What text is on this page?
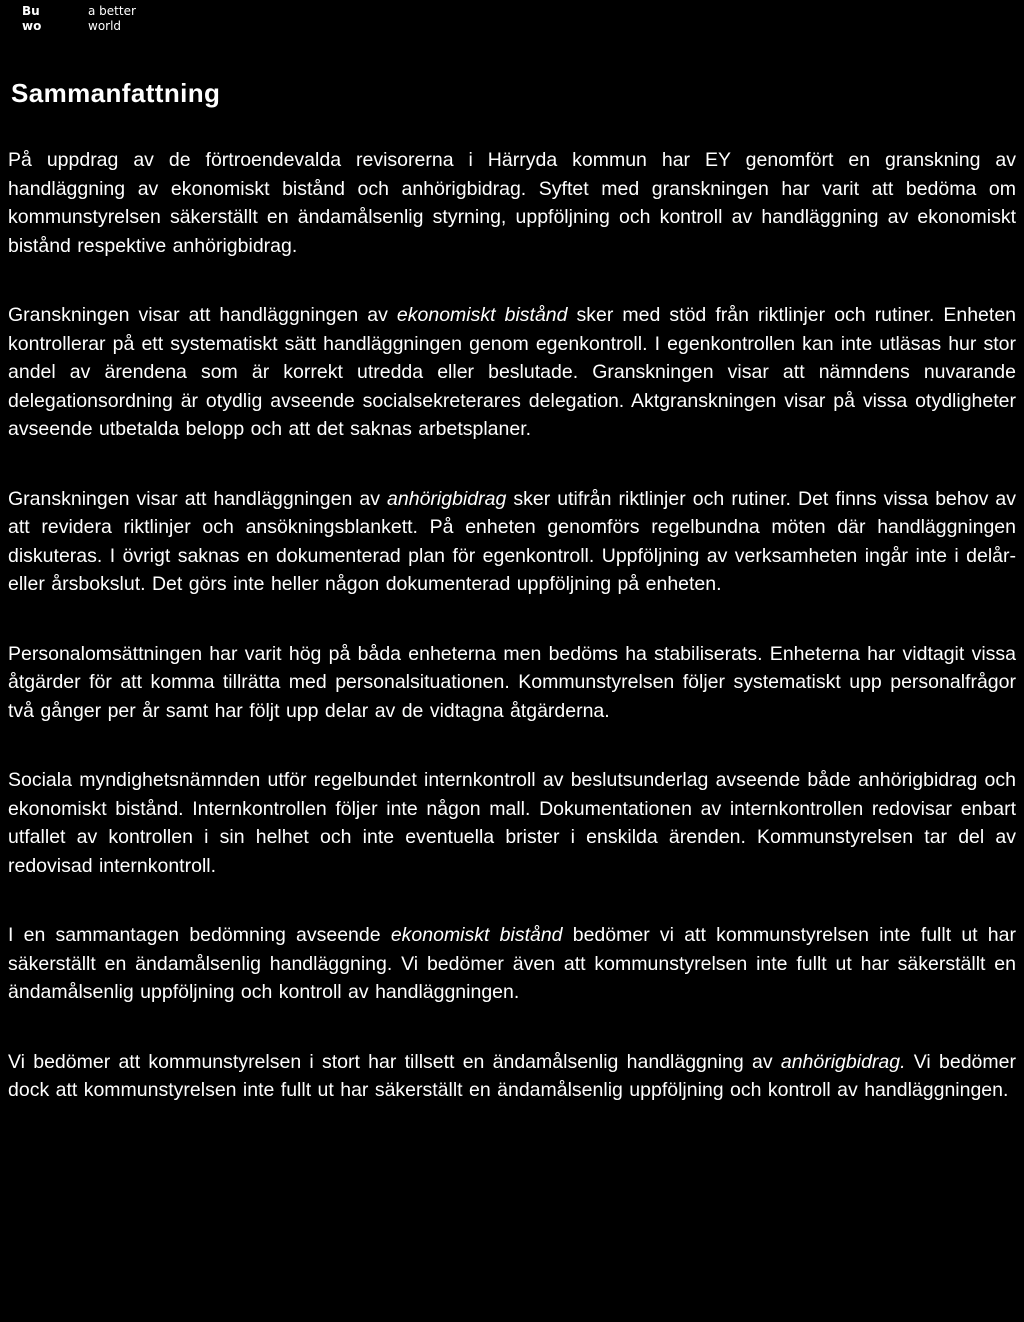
Bu	a better
wo	world
Sammanfattning

På uppdrag av de förtroendevalda revisorerna i Härryda kommun har EY genomfört en granskning av handläggning av ekonomiskt bistånd och anhörigbidrag. Syftet med granskningen har varit att bedöma om kommunstyrelsen säkerställt en ändamålsenlig styrning, uppföljning och kontroll av handläggning av ekonomiskt bistånd respektive anhörigbidrag.

Granskningen visar att handläggningen av ekonomiskt bistånd sker med stöd från riktlinjer och rutiner. Enheten kontrollerar på ett systematiskt sätt handläggningen genom egenkontroll. I egenkontrollen kan inte utläsas hur stor andel av ärendena som är korrekt utredda eller beslutade. Granskningen visar att nämndens nuvarande delegationsordning är otydlig avseende socialsekreterares delegation. Aktgranskningen visar på vissa otydligheter avseende utbetalda belopp och att det saknas arbetsplaner.

Granskningen visar att handläggningen av anhörigbidrag sker utifrån riktlinjer och rutiner. Det finns vissa behov av att revidera riktlinjer och ansökningsblankett. På enheten genomförs regelbundna möten där handläggningen diskuteras. I övrigt saknas en dokumenterad plan för egenkontroll. Uppföljning av verksamheten ingår inte i delår- eller årsbokslut. Det görs inte heller någon dokumenterad uppföljning på enheten.

Personalomsättningen har varit hög på båda enheterna men bedöms ha stabiliserats. Enheterna har vidtagit vissa åtgärder för att komma tillrätta med personalsituationen. Kommunstyrelsen följer systematiskt upp personalfrågor två gånger per år samt har följt upp delar av de vidtagna åtgärderna.

Sociala myndighetsnämnden utför regelbundet internkontroll av beslutsunderlag avseende både anhörigbidrag och ekonomiskt bistånd. Internkontrollen följer inte någon mall. Dokumentationen av internkontrollen redovisar enbart utfallet av kontrollen i sin helhet och inte eventuella brister i enskilda ärenden. Kommunstyrelsen tar del av redovisad internkontroll.

I en sammantagen bedömning avseende ekonomiskt bistånd bedömer vi att kommunstyrelsen inte fullt ut har säkerställt en ändamålsenlig handläggning. Vi bedömer även att kommunstyrelsen inte fullt ut har säkerställt en ändamålsenlig uppföljning och kontroll av handläggningen.

Vi bedömer att kommunstyrelsen i stort har tillsett en ändamålsenlig handläggning av anhörigbidrag. Vi bedömer dock att kommunstyrelsen inte fullt ut har säkerställt en ändamålsenlig uppföljning och kontroll av handläggningen.
